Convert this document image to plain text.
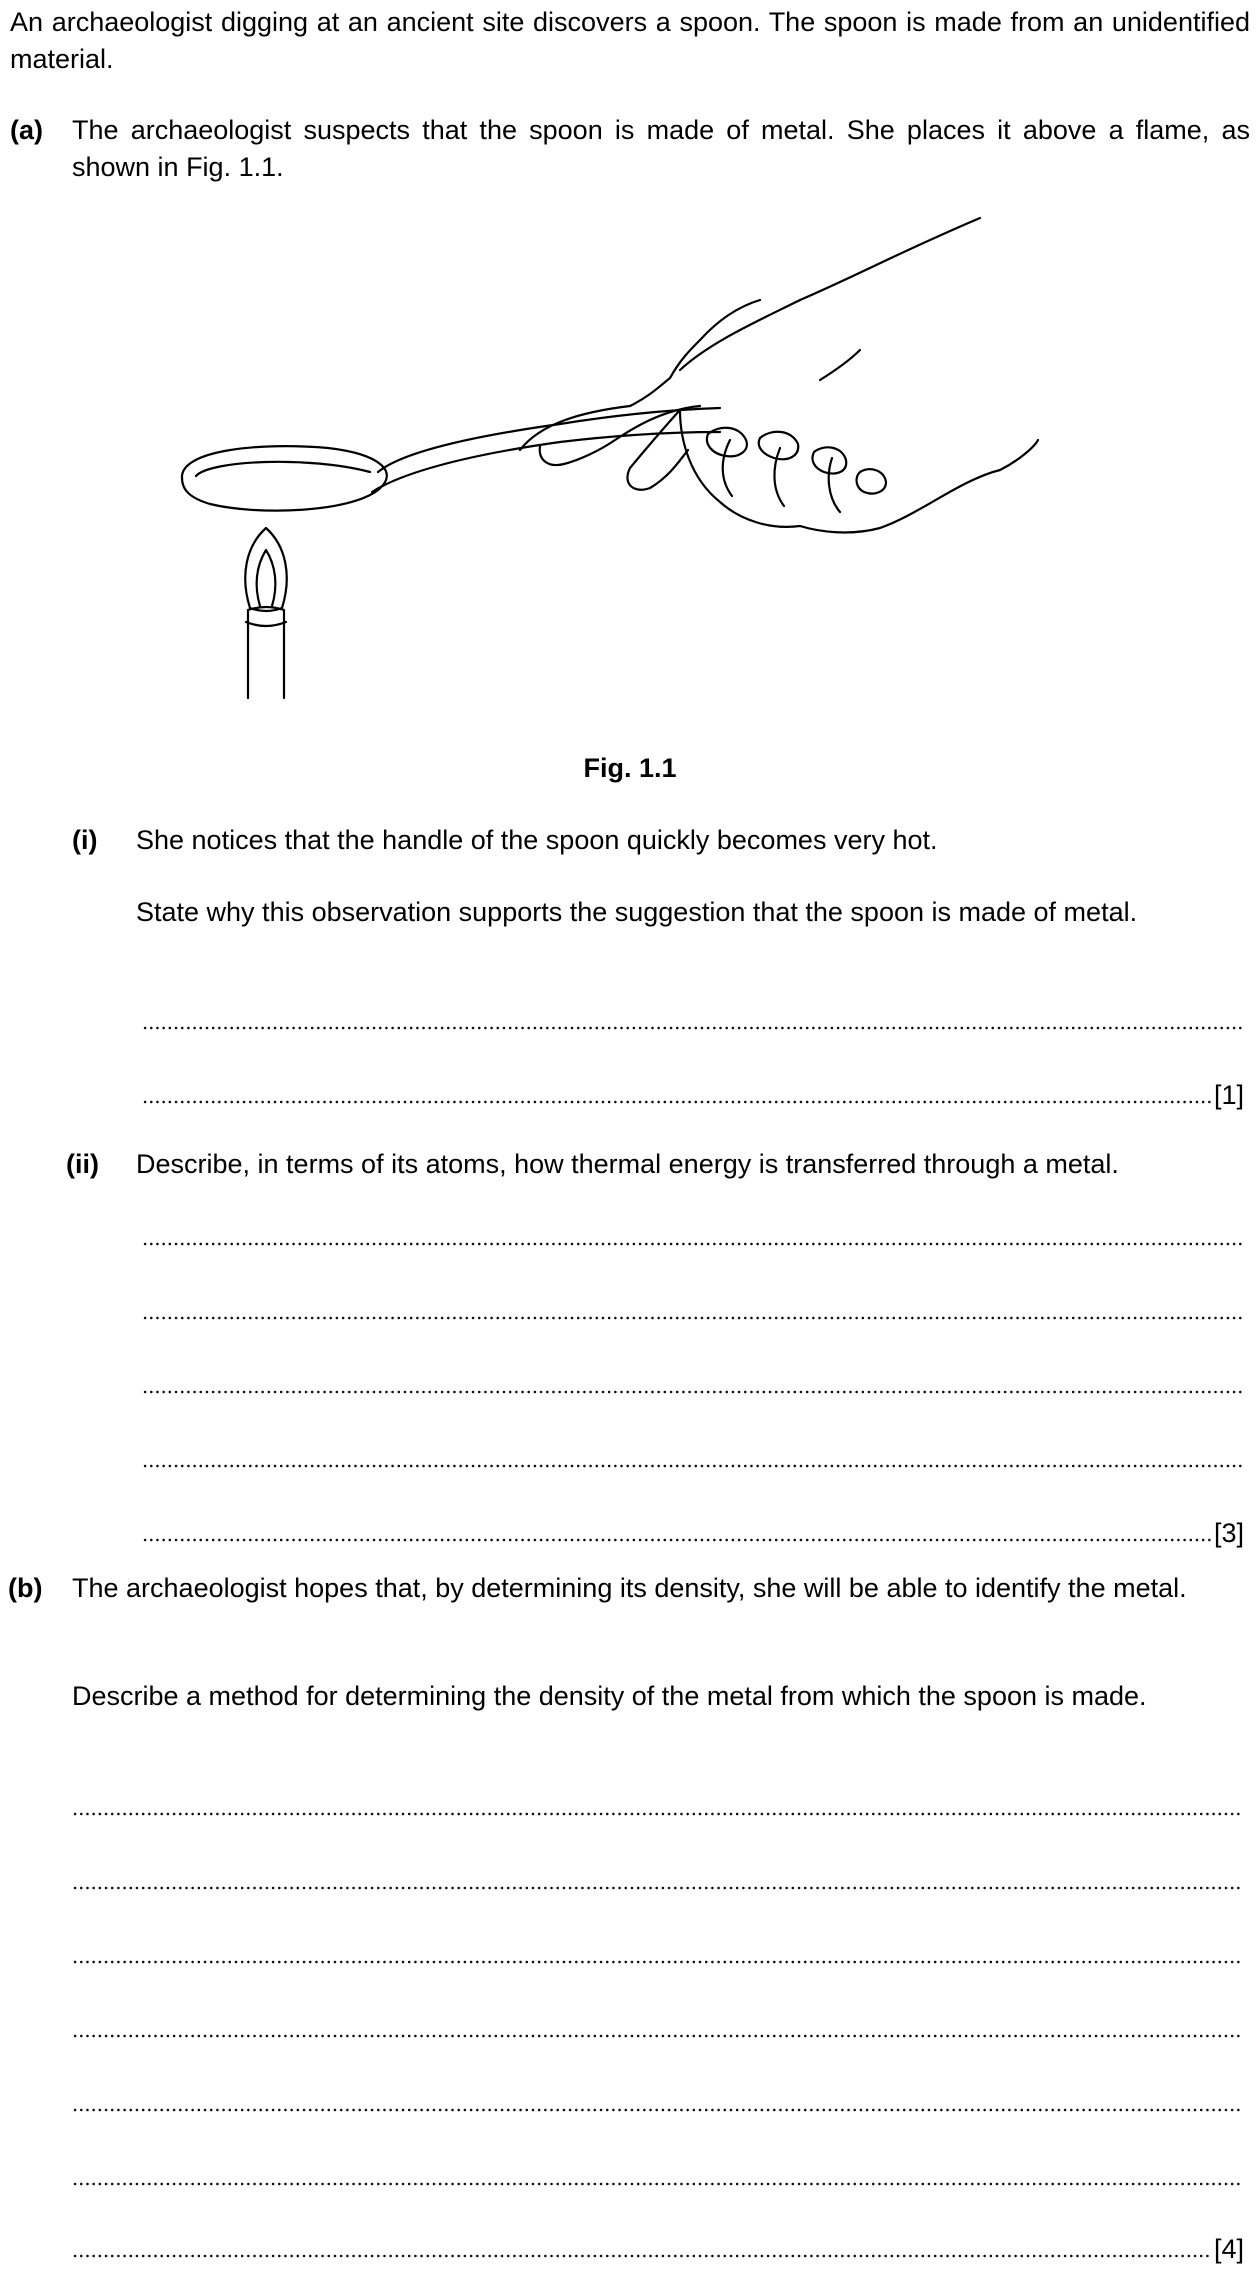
An archaeologist digging at an ancient site discovers a spoon. The spoon is made from an unidentified material.
(a) The archaeologist suspects that the spoon is made of metal. She places it above a flame, as shown in Fig. 1.1.
Fig. 1.1
(i) She notices that the handle of the spoon quickly becomes very hot.
State why this observation supports the suggestion that the spoon is made of metal.
[1]
(ii) Describe, in terms of its atoms, how thermal energy is transferred through a metal.
[3]
(b) The archaeologist hopes that, by determining its density, she will be able to identify the metal.
Describe a method for determining the density of the metal from which the spoon is made.
[4]
